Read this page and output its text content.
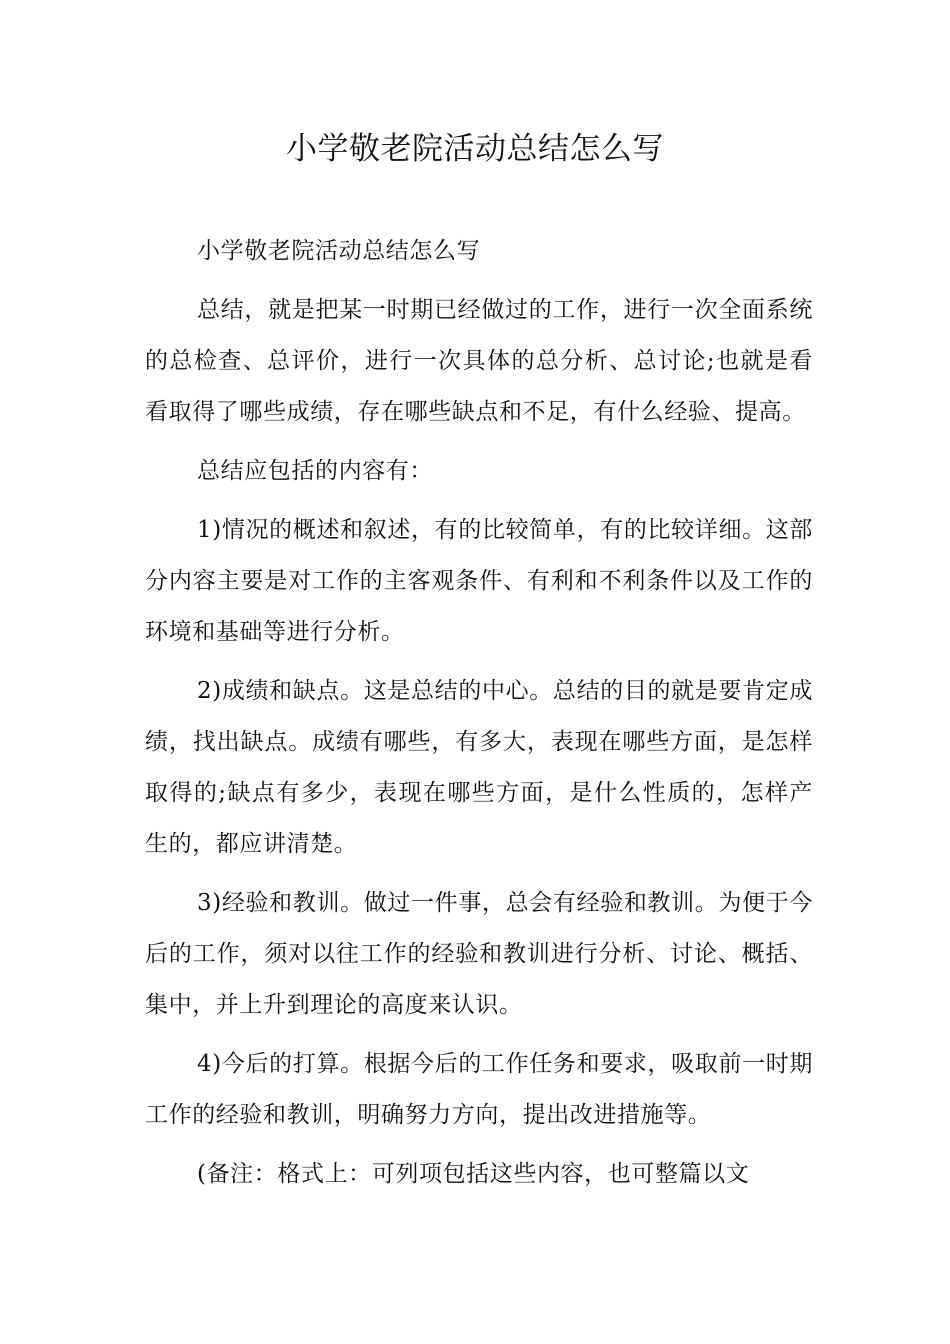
小学敬老院活动总结怎么写

小学敬老院活动总结怎么写

总结，就是把某一时期已经做过的工作，进行一次全面系统的总检查、总评价，进行一次具体的总分析、总讨论;也就是看看取得了哪些成绩，存在哪些缺点和不足，有什么经验、提高。

总结应包括的内容有：

1)情况的概述和叙述，有的比较简单，有的比较详细。这部分内容主要是对工作的主客观条件、有利和不利条件以及工作的环境和基础等进行分析。

2)成绩和缺点。这是总结的中心。总结的目的就是要肯定成绩，找出缺点。成绩有哪些，有多大，表现在哪些方面，是怎样取得的;缺点有多少，表现在哪些方面，是什么性质的，怎样产生的，都应讲清楚。

3)经验和教训。做过一件事，总会有经验和教训。为便于今后的工作，须对以往工作的经验和教训进行分析、讨论、概括、集中，并上升到理论的高度来认识。

4)今后的打算。根据今后的工作任务和要求，吸取前一时期工作的经验和教训，明确努力方向，提出改进措施等。

(备注：格式上：可列项包括这些内容，也可整篇以文
